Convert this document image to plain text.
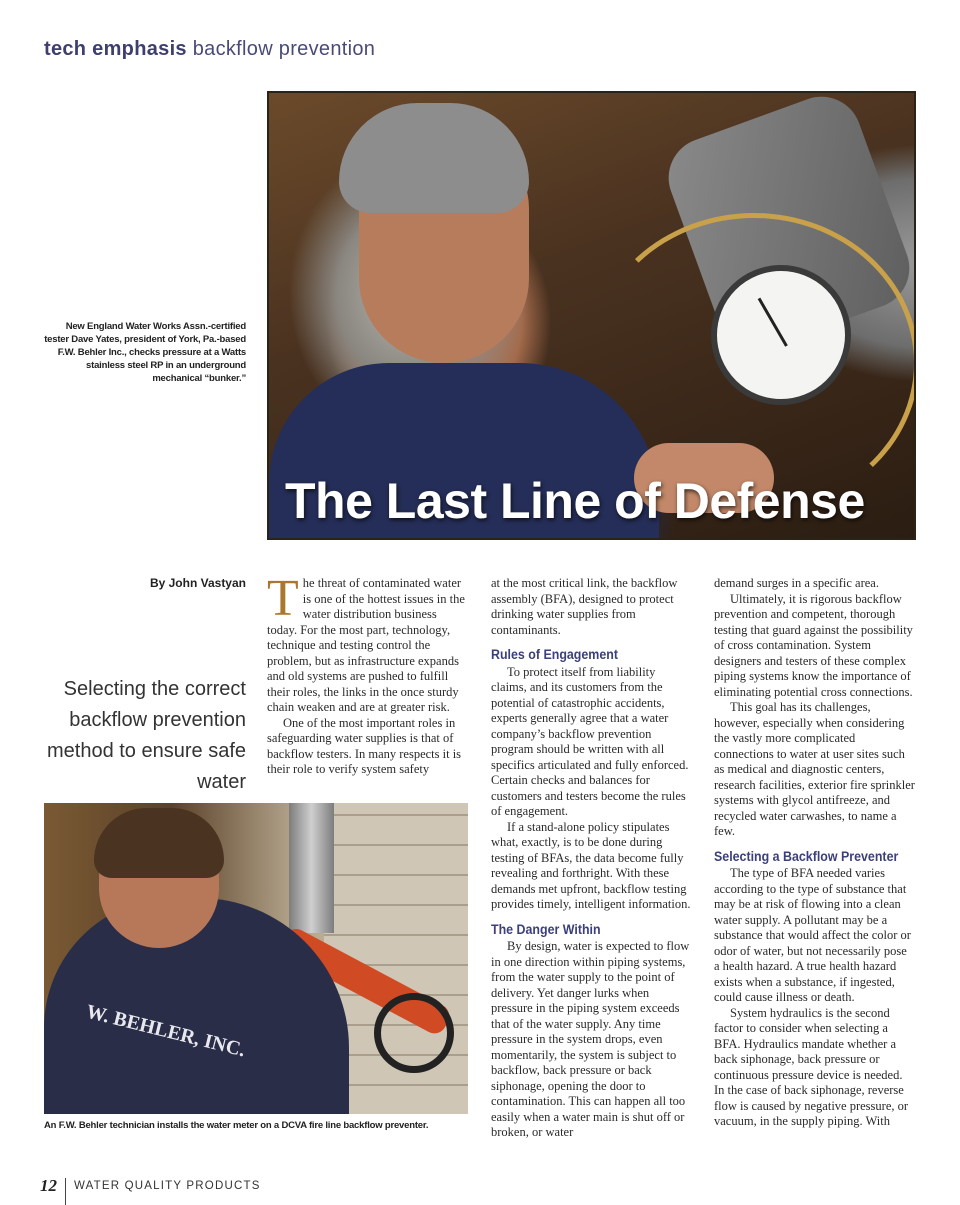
tech emphasis backflow prevention
The Last Line of Defense
New England Water Works Assn.-certified tester Dave Yates, president of York, Pa.-based F.W. Behler Inc., checks pressure at a Watts stainless steel RP in an underground mechanical “bunker.”
By John Vastyan
Selecting the correct backflow prevention method to ensure safe water

The threat of contaminated water is one of the hottest issues in the water distribution business today. For the most part, technology, technique and testing control the problem, but as infrastructure expands and old systems are pushed to fulfill their roles, the links in the once sturdy chain weaken and are at greater risk.

One of the most important roles in safeguarding water supplies is that of backflow testers. In many respects it is their role to verify system safety

at the most critical link, the backflow assembly (BFA), designed to protect drinking water supplies from contaminants.

Rules of Engagement

To protect itself from liability claims, and its customers from the potential of catastrophic accidents, experts generally agree that a water company’s backflow prevention program should be written with all specifics articulated and fully enforced. Certain checks and balances for customers and testers become the rules of engagement.

If a stand-alone policy stipulates what, exactly, is to be done during testing of BFAs, the data become fully revealing and forthright. With these demands met upfront, backflow testing provides timely, intelligent information.

The Danger Within

By design, water is expected to flow in one direction within piping systems, from the water supply to the point of delivery. Yet danger lurks when pressure in the piping system exceeds that of the water supply. Any time pressure in the system drops, even momentarily, the system is subject to backflow, back pressure or back siphonage, opening the door to contamination. This can happen all too easily when a water main is shut off or broken, or water

demand surges in a specific area.

Ultimately, it is rigorous backflow prevention and competent, thorough testing that guard against the possibility of cross contamination. System designers and testers of these complex piping systems know the importance of eliminating potential cross connections.

This goal has its challenges, however, especially when considering the vastly more complicated connections to water at user sites such as medical and diagnostic centers, research facilities, exterior fire sprinkler systems with glycol antifreeze, and recycled water carwashes, to name a few.

Selecting a Backflow Preventer

The type of BFA needed varies according to the type of substance that may be at risk of flowing into a clean water supply. A pollutant may be a substance that would affect the color or odor of water, but not necessarily pose a health hazard. A true health hazard exists when a substance, if ingested, could cause illness or death.

System hydraulics is the second factor to consider when selecting a BFA. Hydraulics mandate whether a back siphonage, back pressure or continuous pressure device is needed. In the case of back siphonage, reverse flow is caused by negative pressure, or vacuum, in the supply piping. With

W. BEHLER, INC.
An F.W. Behler technician installs the water meter on a DCVA fire line backflow preventer.
12 WATER QUALITY PRODUCTS
